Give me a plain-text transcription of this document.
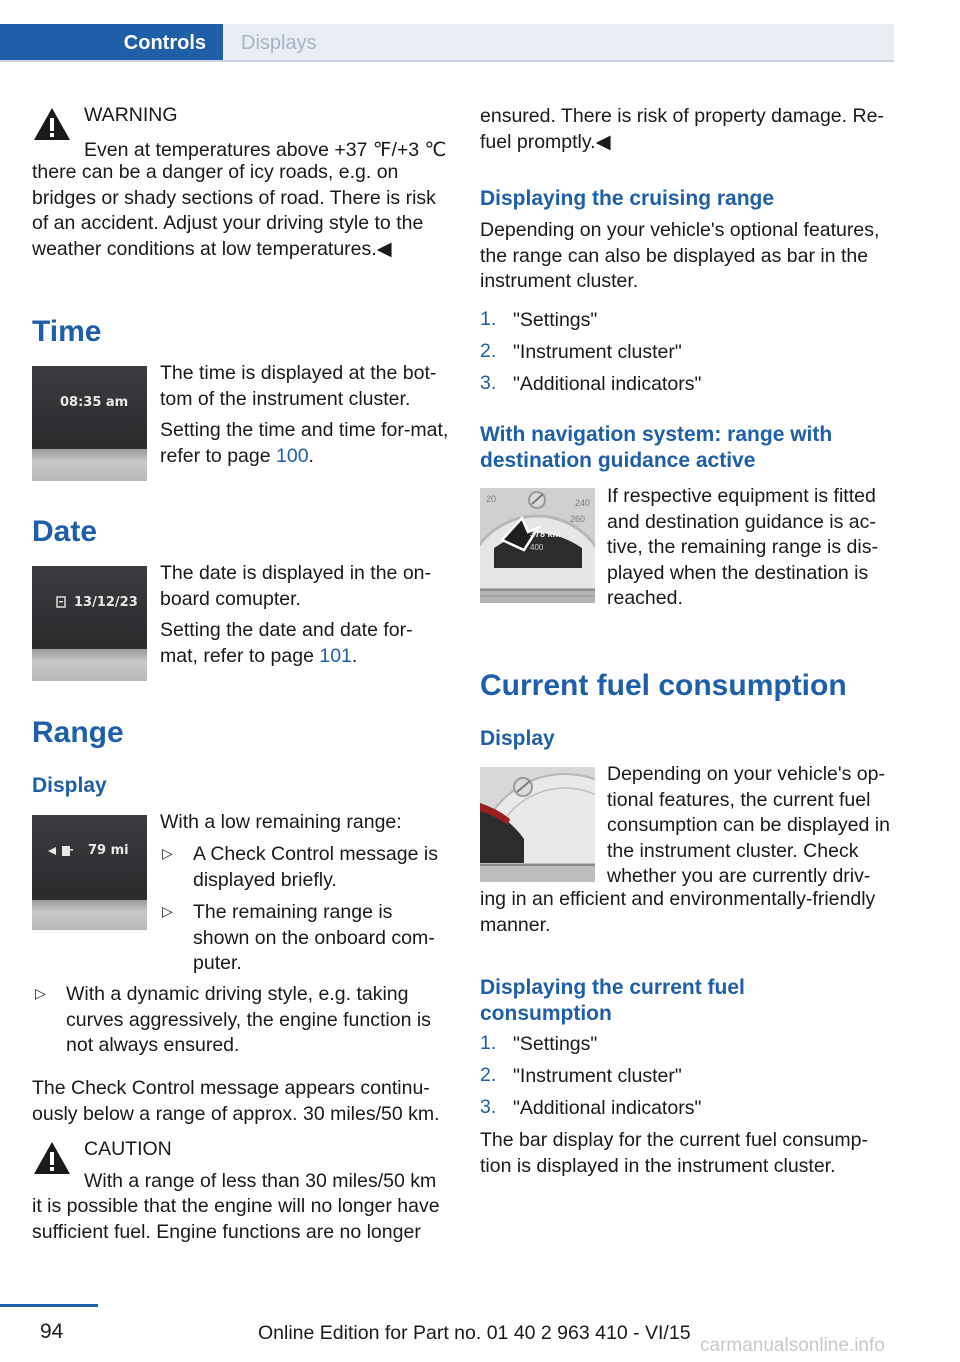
Controls Displays
WARNING
Even at temperatures above +37 ℉/+3 ℃
there can be a danger of icy roads, e.g. on bridges or shady sections of road. There is risk of an accident. Adjust your driving style to the weather conditions at low temperatures.◀
Time
08:35 am
The time is displayed at the bot-tom of the instrument cluster.
Setting the time and time for-mat, refer to page 100.
Date
13/12/23
The date is displayed in the on-board comupter.
Setting the date and date for-mat, refer to page 101.
Range
Display
79 mi
With a low remaining range:
▷ A Check Control message is displayed briefly.
▷ The remaining range is shown on the onboard com-puter.
▷ With a dynamic driving style, e.g. taking curves aggressively, the engine function is not always ensured.
The Check Control message appears continu-ously below a range of approx. 30 miles/50 km.
CAUTION
With a range of less than 30 miles/50 km
it is possible that the engine will no longer have sufficient fuel. Engine functions are no longer
ensured. There is risk of property damage. Re-fuel promptly.◀
Displaying the cruising range
Depending on your vehicle's optional features, the range can also be displayed as bar in the instrument cluster.
1. "Settings"
2. "Instrument cluster"
3. "Additional indicators"
With navigation system: range with destination guidance active
20	240
260
378 km
400
If respective equipment is fitted and destination guidance is ac-tive, the remaining range is dis-played when the destination is reached.
Current fuel consumption
Display
Depending on your vehicle's op-tional features, the current fuel consumption can be displayed in the instrument cluster. Check whether you are currently driv-
ing in an efficient and environmentally-friendly manner.
Displaying the current fuel consumption
1. "Settings"
2. "Instrument cluster"
3. "Additional indicators"
The bar display for the current fuel consump-tion is displayed in the instrument cluster.
94	Online Edition for Part no. 01 40 2 963 410 - VI/15
carmanualsonline.info
